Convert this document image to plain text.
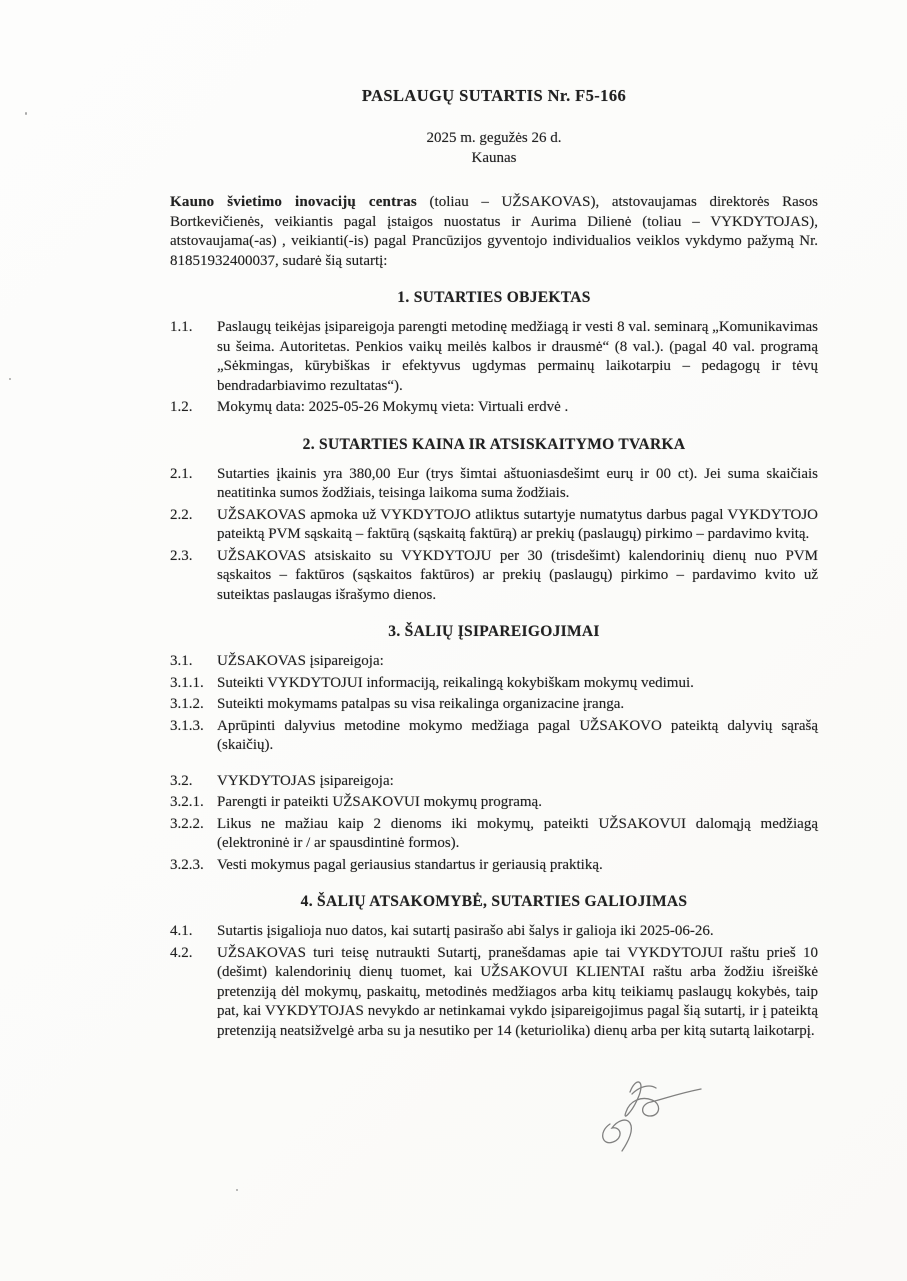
PASLAUGŲ SUTARTIS Nr. F5-166
2025 m. gegužės 26 d.
Kaunas

Kauno švietimo inovacijų centras (toliau – UŽSAKOVAS), atstovaujamas direktorės Rasos Bortkevičienės, veikiantis pagal įstaigos nuostatus ir Aurima Dilienė (toliau – VYKDYTOJAS), atstovaujama(-as) , veikianti(-is) pagal Prancūzijos gyventojo individualios veiklos vykdymo pažymą Nr. 81851932400037, sudarė šią sutartį:

1. SUTARTIES OBJEKTAS
1.1.	Paslaugų teikėjas įsipareigoja parengti metodinę medžiagą ir vesti 8 val. seminarą „Komunikavimas su šeima. Autoritetas. Penkios vaikų meilės kalbos ir drausmė“ (8 val.). (pagal 40 val. programą „Sėkmingas, kūrybiškas ir efektyvus ugdymas permainų laikotarpiu – pedagogų ir tėvų bendradarbiavimo rezultatas“).
1.2.	Mokymų data: 2025-05-26 Mokymų vieta: Virtuali erdvė .
2. SUTARTIES KAINA IR ATSISKAITYMO TVARKA
2.1.	Sutarties įkainis yra 380,00 Eur (trys šimtai aštuoniasdešimt eurų ir 00 ct). Jei suma skaičiais neatitinka sumos žodžiais, teisinga laikoma suma žodžiais.
2.2.	UŽSAKOVAS apmoka už VYKDYTOJO atliktus sutartyje numatytus darbus pagal VYKDYTOJO pateiktą PVM sąskaitą – faktūrą (sąskaitą faktūrą) ar prekių (paslaugų) pirkimo – pardavimo kvitą.
2.3.	UŽSAKOVAS atsiskaito su VYKDYTOJU per 30 (trisdešimt) kalendorinių dienų nuo PVM sąskaitos – faktūros (sąskaitos faktūros) ar prekių (paslaugų) pirkimo – pardavimo kvito už suteiktas paslaugas išrašymo dienos.
3. ŠALIŲ ĮSIPAREIGOJIMAI
3.1.	UŽSAKOVAS įsipareigoja:
3.1.1. Suteikti VYKDYTOJUI informaciją, reikalingą kokybiškam mokymų vedimui.
3.1.2. Suteikti mokymams patalpas su visa reikalinga organizacine įranga.
3.1.3. Aprūpinti dalyvius metodine mokymo medžiaga pagal UŽSAKOVO pateiktą dalyvių sąrašą (skaičių).
3.2.	VYKDYTOJAS įsipareigoja:
3.2.1. Parengti ir pateikti UŽSAKOVUI mokymų programą.
3.2.2. Likus ne mažiau kaip 2 dienoms iki mokymų, pateikti UŽSAKOVUI dalomąją medžiagą (elektroninė ir / ar spausdintinė formos).
3.2.3. Vesti mokymus pagal geriausius standartus ir geriausią praktiką.
4. ŠALIŲ ATSAKOMYBĖ, SUTARTIES GALIOJIMAS
4.1.	Sutartis įsigalioja nuo datos, kai sutartį pasirašo abi šalys ir galioja iki 2025-06-26.
4.2.	UŽSAKOVAS turi teisę nutraukti Sutartį, pranešdamas apie tai VYKDYTOJUI raštu prieš 10 (dešimt) kalendorinių dienų tuomet, kai UŽSAKOVUI KLIENTAI raštu arba žodžiu išreiškė pretenziją dėl mokymų, paskaitų, metodinės medžiagos arba kitų teikiamų paslaugų kokybės, taip pat, kai VYKDYTOJAS nevykdo ar netinkamai vykdo įsipareigojimus pagal šią sutartį, ir į pateiktą pretenziją neatsižvelgė arba su ja nesutiko per 14 (keturiolika) dienų arba per kitą sutartą laikotarpį.
